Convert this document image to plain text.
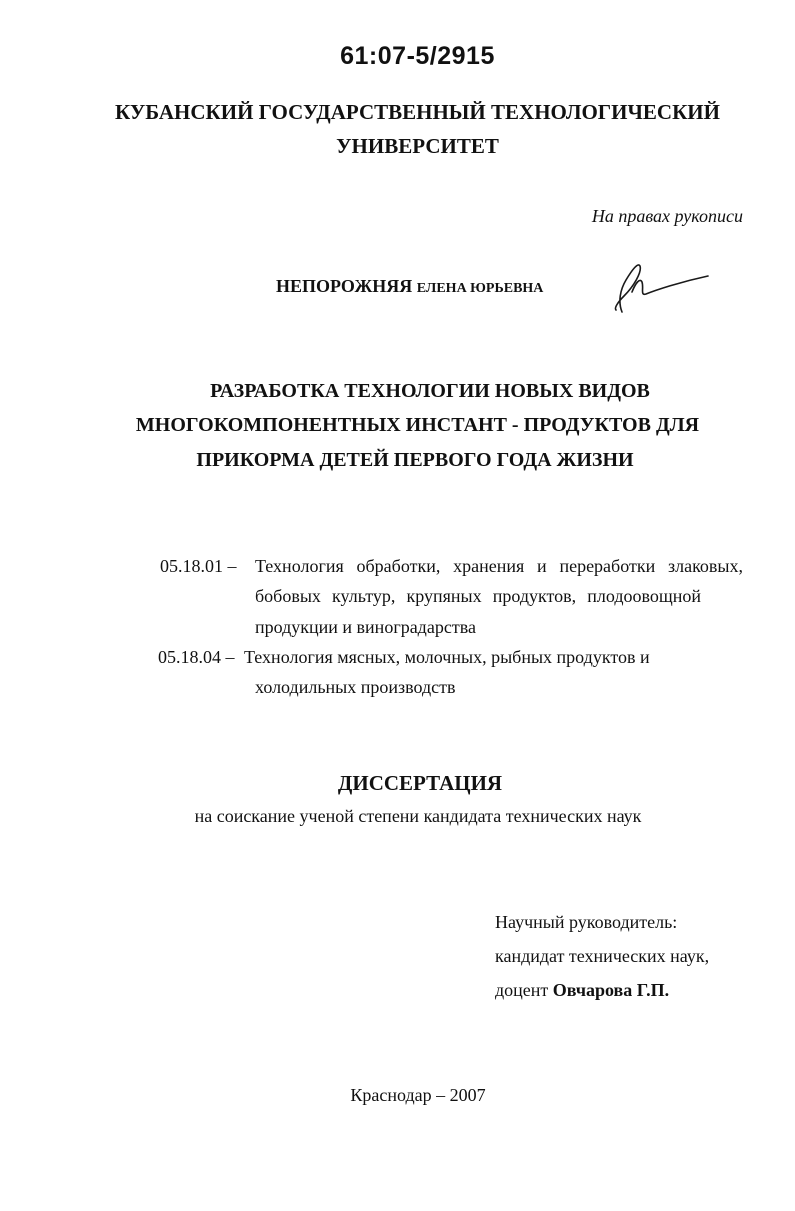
61:07-5/2915
КУБАНСКИЙ ГОСУДАРСТВЕННЫЙ ТЕХНОЛОГИЧЕСКИЙ
УНИВЕРСИТЕТ
На правах рукописи
НЕПОРОЖНЯЯ ЕЛЕНА ЮРЬЕВНА
РАЗРАБОТКА ТЕХНОЛОГИИ НОВЫХ ВИДОВ
МНОГОКОМПОНЕНТНЫХ ИНСТАНТ - ПРОДУКТОВ ДЛЯ
ПРИКОРМА ДЕТЕЙ ПЕРВОГО ГОДА ЖИЗНИ
05.18.01 – Технология обработки, хранения и переработки злаковых,
бобовых культур, крупяных продуктов, плодоовощной
продукции и виноградарства
05.18.04 – Технология мясных, молочных, рыбных продуктов и
холодильных производств
ДИССЕРТАЦИЯ
на соискание ученой степени кандидата технических наук
Научный руководитель:
кандидат технических наук,
доцент Овчарова Г.П.
Краснодар – 2007
